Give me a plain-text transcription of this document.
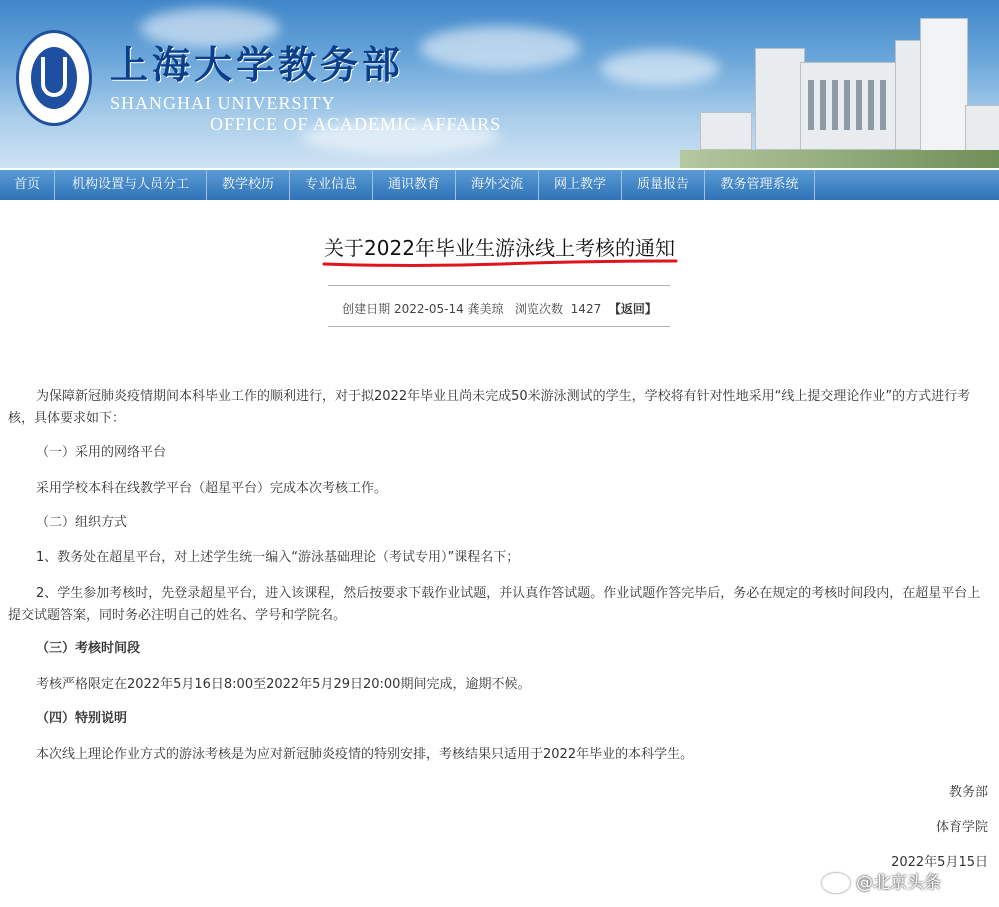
上海大学教务部
SHANGHAI UNIVERSITY
OFFICE OF ACADEMIC AFFAIRS
首页	机构设置与人员分工	教学校历	专业信息	通识教育	海外交流	网上教学	质量报告	教务管理系统
关于2022年毕业生游泳线上考核的通知
创建日期 2022-05-14 龚美琼 浏览次数 1427 【返回】
为保障新冠肺炎疫情期间本科毕业工作的顺利进行，对于拟2022年毕业且尚未完成50米游泳测试的学生，学校将有针对性地采用“线上提交理论作业”的方式进行考核，具体要求如下：
（一）采用的网络平台
采用学校本科在线教学平台（超星平台）完成本次考核工作。
（二）组织方式
1、教务处在超星平台，对上述学生统一编入“游泳基础理论（考试专用）”课程名下；
2、学生参加考核时，先登录超星平台，进入该课程，然后按要求下载作业试题，并认真作答试题。作业试题作答完毕后，务必在规定的考核时间段内，在超星平台上提交试题答案，同时务必注明自己的姓名、学号和学院名。
（三）考核时间段
考核严格限定在2022年5月16日8:00至2022年5月29日20:00期间完成，逾期不候。
（四）特别说明
本次线上理论作业方式的游泳考核是为应对新冠肺炎疫情的特别安排，考核结果只适用于2022年毕业的本科学生。
教务部
体育学院
2022年5月15日
@北京头条
